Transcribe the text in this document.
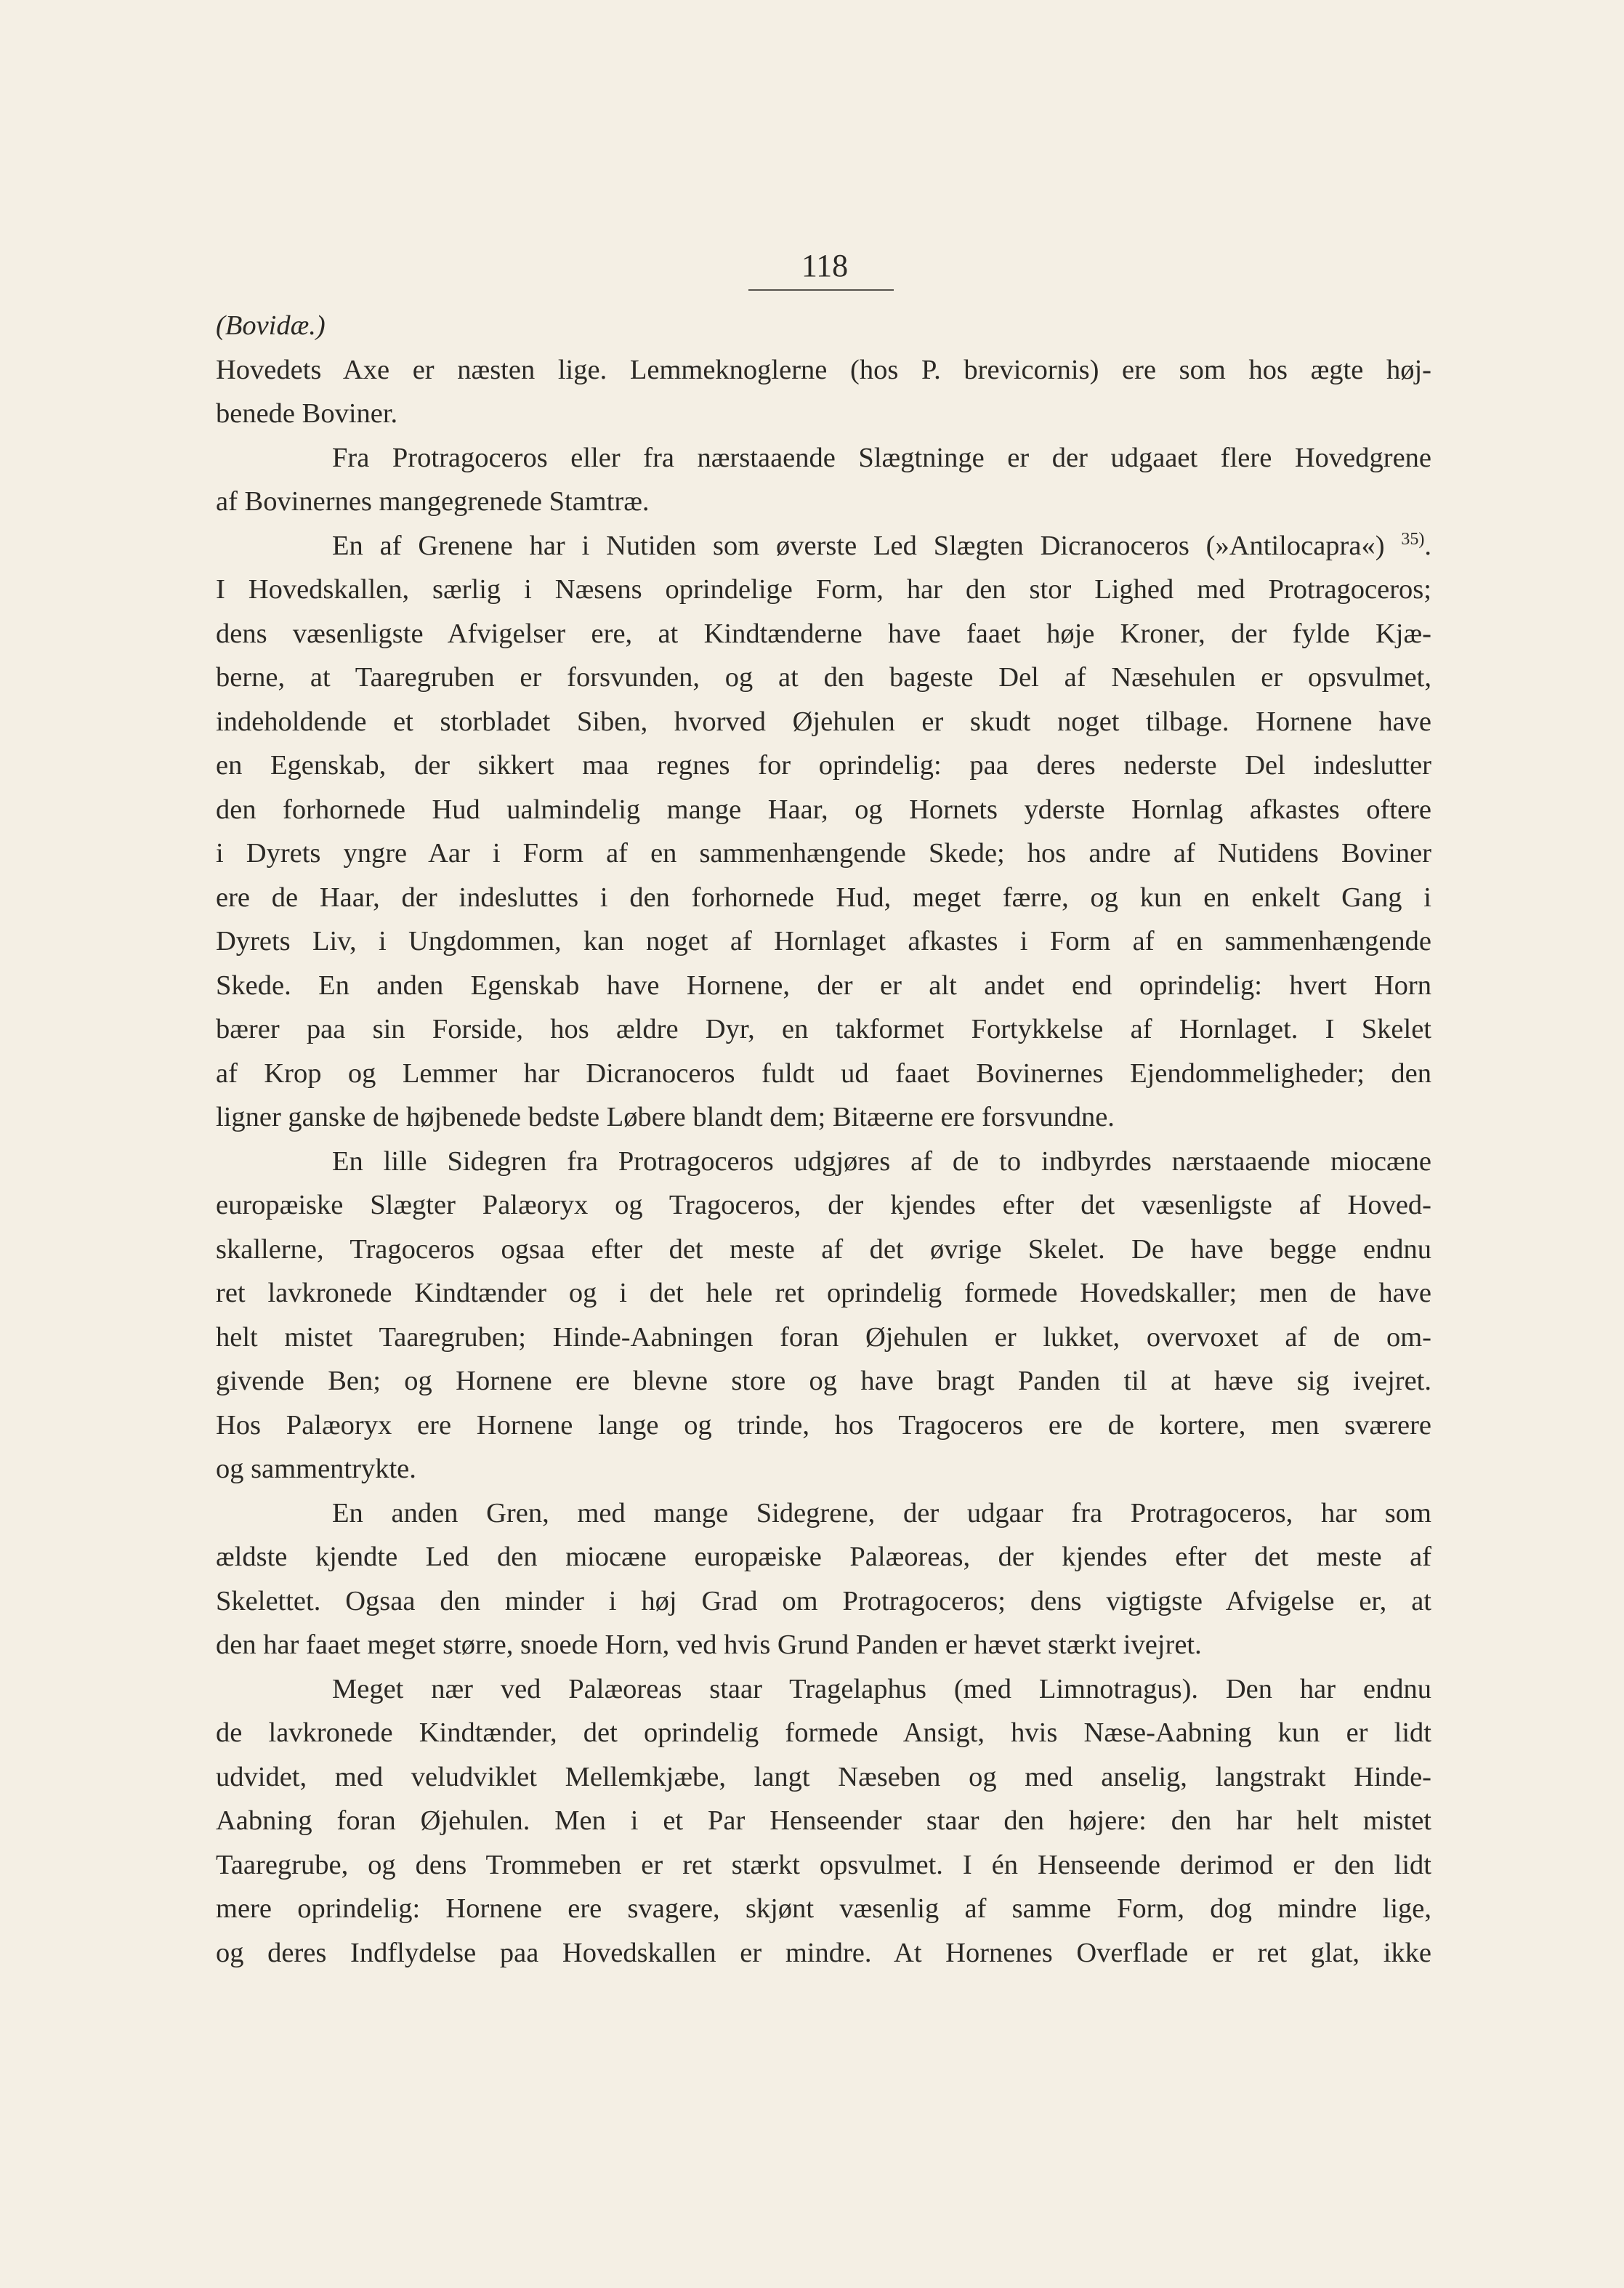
118
(Bovidæ.)
Hovedets Axe er næsten lige. Lemmeknoglerne (hos P. brevicornis) ere som hos ægte høj-
benede Boviner.
Fra Protragoceros eller fra nærstaaende Slægtninge er der udgaaet flere Hovedgrene
af Bovinernes mangegrenede Stamtræ.
En af Grenene har i Nutiden som øverste Led Slægten Dicranoceros (»Antilocapra«) $^{35)}$.
I Hovedskallen, særlig i Næsens oprindelige Form, har den stor Lighed med Protragoceros;
dens væsenligste Afvigelser ere, at Kindtænderne have faaet høje Kroner, der fylde Kjæ-
berne, at Taaregruben er forsvunden, og at den bageste Del af Næsehulen er opsvulmet,
indeholdende et storbladet Siben, hvorved Øjehulen er skudt noget tilbage. Hornene have
en Egenskab, der sikkert maa regnes for oprindelig: paa deres nederste Del indeslutter
den forhornede Hud ualmindelig mange Haar, og Hornets yderste Hornlag afkastes oftere
i Dyrets yngre Aar i Form af en sammenhængende Skede; hos andre af Nutidens Boviner
ere de Haar, der indesluttes i den forhornede Hud, meget færre, og kun en enkelt Gang i
Dyrets Liv, i Ungdommen, kan noget af Hornlaget afkastes i Form af en sammenhængende
Skede. En anden Egenskab have Hornene, der er alt andet end oprindelig: hvert Horn
bærer paa sin Forside, hos ældre Dyr, en takformet Fortykkelse af Hornlaget. I Skelet
af Krop og Lemmer har Dicranoceros fuldt ud faaet Bovinernes Ejendommeligheder; den
ligner ganske de højbenede bedste Løbere blandt dem; Bitæerne ere forsvundne.
En lille Sidegren fra Protragoceros udgjøres af de to indbyrdes nærstaaende miocæne
europæiske Slægter Palæoryx og Tragoceros, der kjendes efter det væsenligste af Hoved-
skallerne, Tragoceros ogsaa efter det meste af det øvrige Skelet. De have begge endnu
ret lavkronede Kindtænder og i det hele ret oprindelig formede Hovedskaller; men de have
helt mistet Taaregruben; Hinde-Aabningen foran Øjehulen er lukket, overvoxet af de om-
givende Ben; og Hornene ere blevne store og have bragt Panden til at hæve sig ivejret.
Hos Palæoryx ere Hornene lange og trinde, hos Tragoceros ere de kortere, men sværere
og sammentrykte.
En anden Gren, med mange Sidegrene, der udgaar fra Protragoceros, har som
ældste kjendte Led den miocæne europæiske Palæoreas, der kjendes efter det meste af
Skelettet. Ogsaa den minder i høj Grad om Protragoceros; dens vigtigste Afvigelse er, at
den har faaet meget større, snoede Horn, ved hvis Grund Panden er hævet stærkt ivejret.
Meget nær ved Palæoreas staar Tragelaphus (med Limnotragus). Den har endnu
de lavkronede Kindtænder, det oprindelig formede Ansigt, hvis Næse-Aabning kun er lidt
udvidet, med veludviklet Mellemkjæbe, langt Næseben og med anselig, langstrakt Hinde-
Aabning foran Øjehulen. Men i et Par Henseender staar den højere: den har helt mistet
Taaregrube, og dens Trommeben er ret stærkt opsvulmet. I én Henseende derimod er den lidt
mere oprindelig: Hornene ere svagere, skjønt væsenlig af samme Form, dog mindre lige,
og deres Indflydelse paa Hovedskallen er mindre. At Hornenes Overflade er ret glat, ikke
